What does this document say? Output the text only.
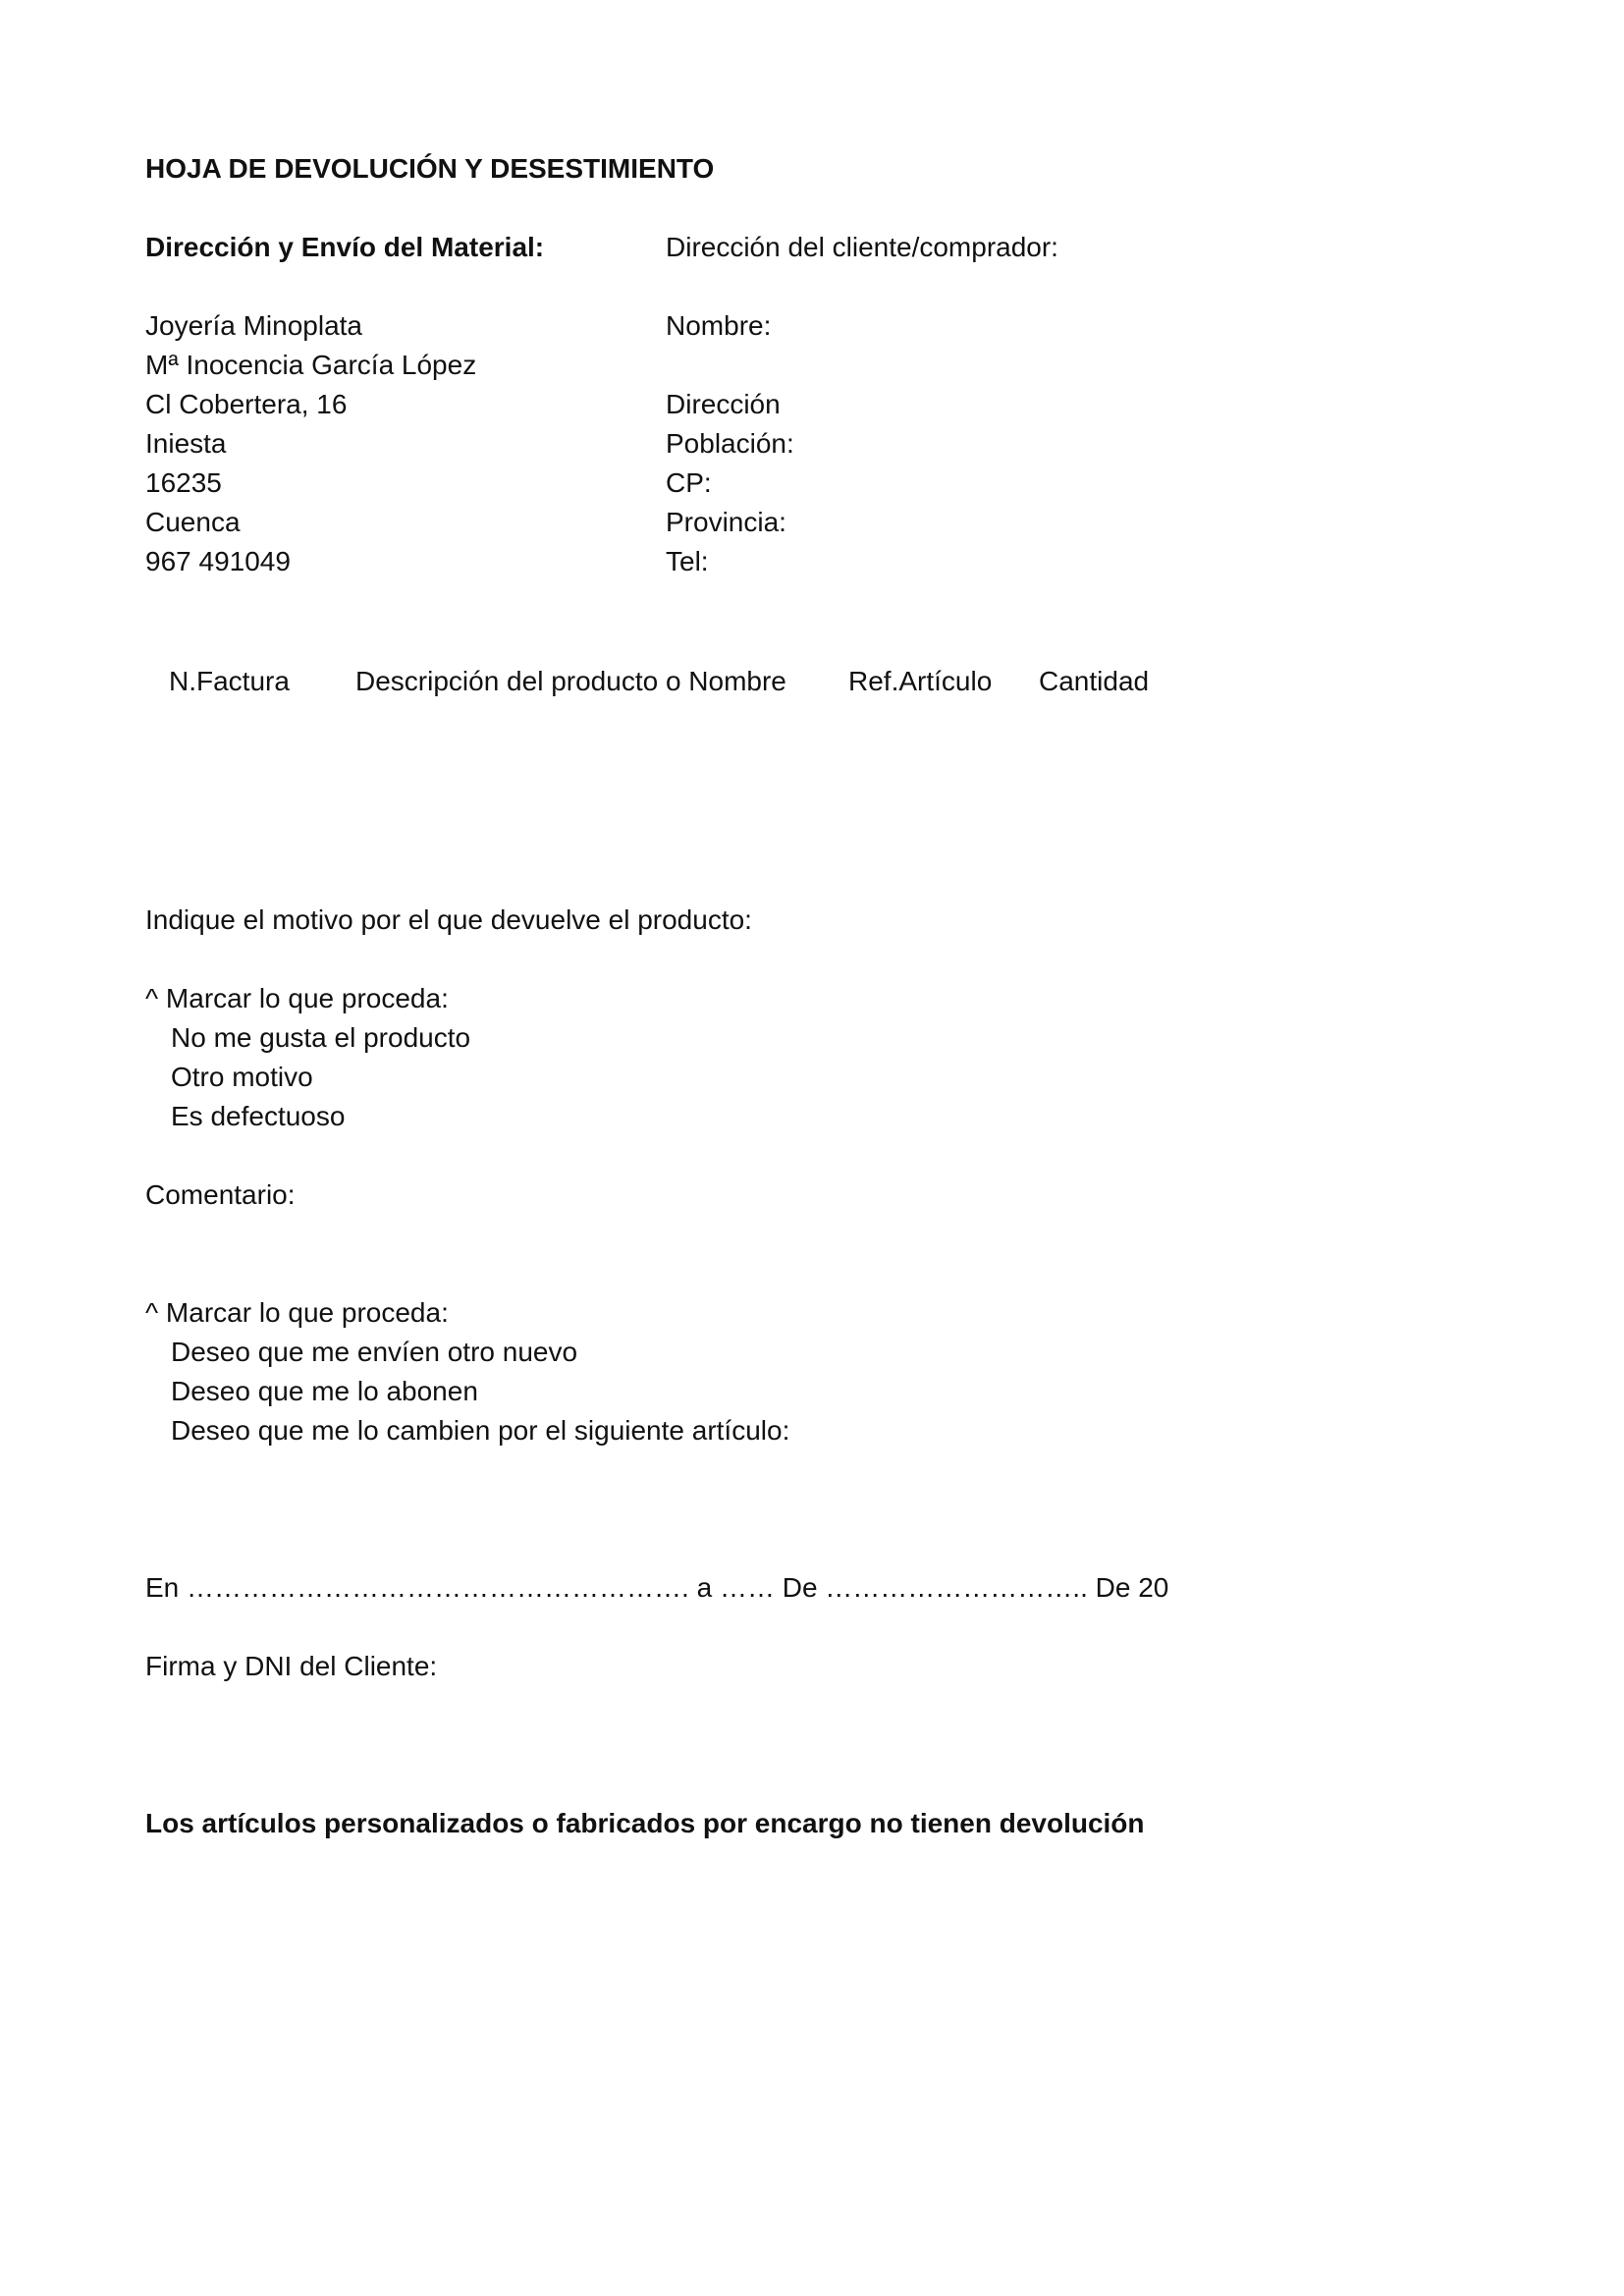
HOJA DE DEVOLUCIÓN Y DESESTIMIENTO
Dirección y Envío del Material:
Joyería Minoplata
Mª Inocencia García López
Cl Cobertera, 16
Iniesta
16235
Cuenca
967 491049
Dirección del cliente/comprador:
Nombre:
Dirección
Población:
CP:
Provincia:
Tel:
N.Factura Descripción del producto o Nombre Ref.Artículo Cantidad
Indique el motivo por el que devuelve el producto:
^ Marcar lo que proceda:
No me gusta el producto
Otro motivo
Es defectuoso
Comentario:
^ Marcar lo que proceda:
Deseo que me envíen otro nuevo
Deseo que me lo abonen
Deseo que me lo cambien por el siguiente artículo:
En ………………………………………………. a …… De ……………………….. De 20
Firma y DNI del Cliente:
Los artículos personalizados o fabricados por encargo no tienen devolución
